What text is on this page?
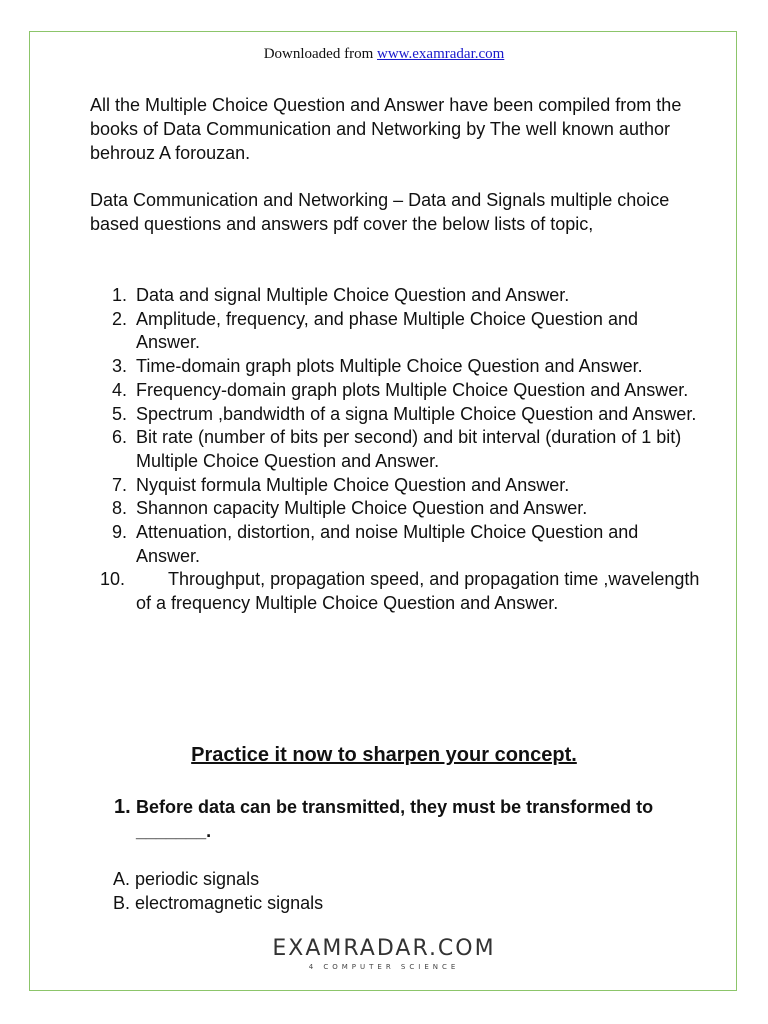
Downloaded from www.examradar.com

All the Multiple Choice Question and Answer have been compiled from the books of Data Communication and Networking by The well known author behrouz A forouzan.

Data Communication and Networking – Data and Signals multiple choice based questions and answers pdf cover the below lists of topic,

1. Data and signal Multiple Choice Question and Answer.
2. Amplitude, frequency, and phase Multiple Choice Question and Answer.
3. Time-domain graph plots Multiple Choice Question and Answer.
4. Frequency-domain graph plots Multiple Choice Question and Answer.
5. Spectrum ,bandwidth of a signa Multiple Choice Question and Answer.
6. Bit rate (number of bits per second) and bit interval (duration of 1 bit) Multiple Choice Question and Answer.
7. Nyquist formula Multiple Choice Question and Answer.
8. Shannon capacity Multiple Choice Question and Answer.
9. Attenuation, distortion, and noise Multiple Choice Question and Answer.
10.	Throughput, propagation speed, and propagation time ,wavelength of a frequency Multiple Choice Question and Answer.
Practice it now to sharpen your concept.
1. Before data can be transmitted, they must be transformed to _______.
A. periodic signals
B. electromagnetic signals
EXAMRADAR.COM
4 COMPUTER SCIENCE
